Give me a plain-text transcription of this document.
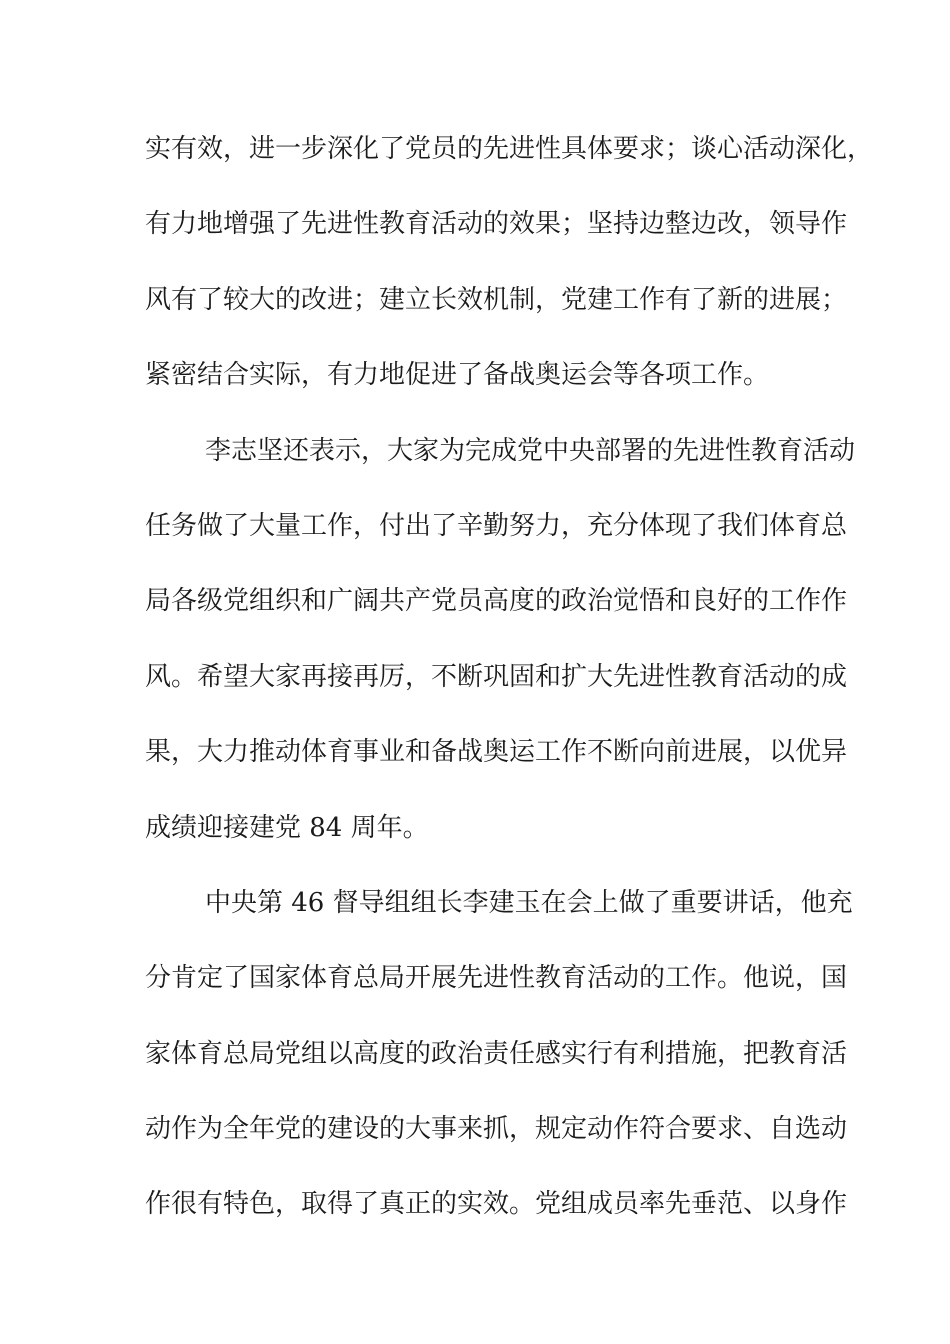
实有效，进一步深化了党员的先进性具体要求；谈心活动深化，
有力地增强了先进性教育活动的效果；坚持边整边改，领导作
风有了较大的改进；建立长效机制，党建工作有了新的进展；
紧密结合实际，有力地促进了备战奥运会等各项工作。
李志坚还表示，大家为完成党中央部署的先进性教育活动
任务做了大量工作，付出了辛勤努力，充分体现了我们体育总
局各级党组织和广阔共产党员高度的政治觉悟和良好的工作作
风。希望大家再接再厉，不断巩固和扩大先进性教育活动的成
果，大力推动体育事业和备战奥运工作不断向前进展，以优异
成绩迎接建党 84 周年。
中央第 46 督导组组长李建玉在会上做了重要讲话，他充
分肯定了国家体育总局开展先进性教育活动的工作。他说，国
家体育总局党组以高度的政治责任感实行有利措施，把教育活
动作为全年党的建设的大事来抓，规定动作符合要求、自选动
作很有特色，取得了真正的实效。党组成员率先垂范、以身作
